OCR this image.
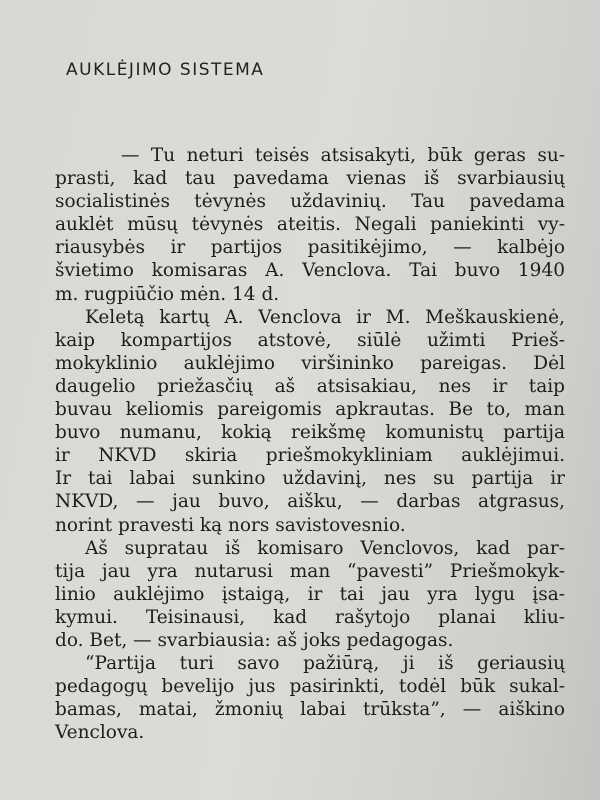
AUKLĖJIMO SISTEMA
— Tu neturi teisės atsisakyti, būk geras su-
prasti, kad tau pavedama vienas iš svarbiausių
socialistinės tėvynės uždavinių. Tau pavedama
auklėt mūsų tėvynės ateitis. Negali paniekinti vy-
riausybės ir partijos pasitikėjimo, — kalbėjo
švietimo komisaras A. Venclova. Tai buvo 1940
m. rugpiūčio mėn. 14 d.
Keletą kartų A. Venclova ir M. Meškauskienė,
kaip kompartijos atstovė, siūlė užimti Prieš-
mokyklinio auklėjimo viršininko pareigas. Dėl
daugelio priežasčių aš atsisakiau, nes ir taip
buvau keliomis pareigomis apkrautas. Be to, man
buvo numanu, kokią reikšmę komunistų partija
ir NKVD skiria priešmokykliniam auklėjimui.
Ir tai labai sunkino uždavinį, nes su partija ir
NKVD, — jau buvo, aišku, — darbas atgrasus,
norint pravesti ką nors savistovesnio.
Aš supratau iš komisaro Venclovos, kad par-
tija jau yra nutarusi man “pavesti” Priešmokyk-
linio auklėjimo įstaigą, ir tai jau yra lygu įsa-
kymui. Teisinausi, kad rašytojo planai kliu-
do. Bet, — svarbiausia: aš joks pedagogas.
“Partija turi savo pažiūrą, ji iš geriausių
pedagogų bevelijo jus pasirinkti, todėl būk sukal-
bamas, matai, žmonių labai trūksta”, — aiškino
Venclova.
